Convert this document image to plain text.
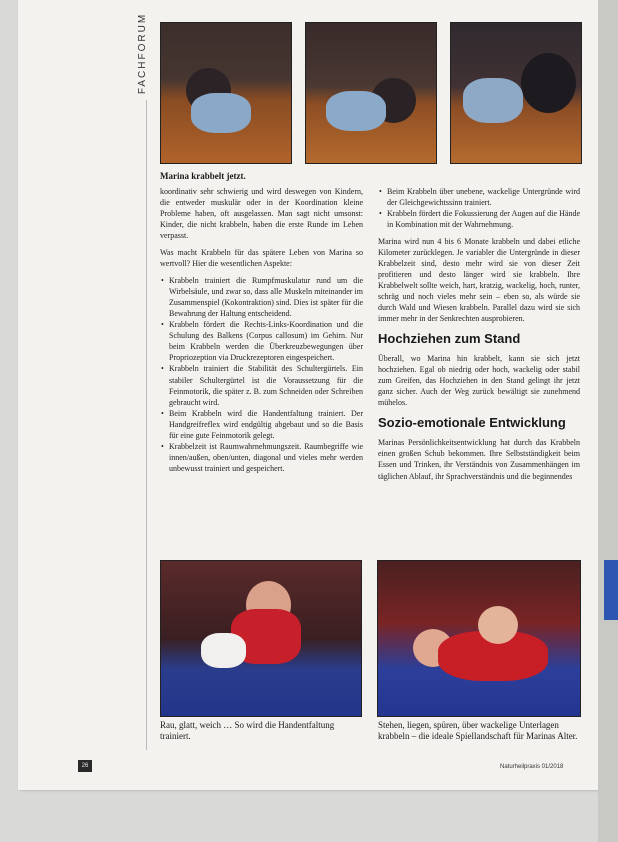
FACHFORUM
Marina krabbelt jetzt.

koordinativ sehr schwierig und wird deswegen von Kindern, die entweder muskulär oder in der Koordination kleine Probleme haben, oft ausgelassen. Man sagt nicht umsonst: Kinder, die nicht krabbeln, haben die erste Runde im Leben verpasst.

Was macht Krabbeln für das spätere Leben von Marina so wertvoll? Hier die wesentlichen Aspekte:

• Krabbeln trainiert die Rumpfmuskulatur rund um die Wirbelsäule, und zwar so, dass alle Muskeln miteinander im Zusammenspiel (Kokontraktion) sind. Dies ist später für die Bewahrung der Haltung entscheidend.
• Krabbeln fördert die Rechts-Links-Koordination und die Schulung des Balkens (Corpus callosum) im Gehirn. Nur beim Krabbeln werden die Überkreuzbewegungen über Propriozeption via Druckrezeptoren eingespeichert.
• Krabbeln trainiert die Stabilität des Schultergürtels. Ein stabiler Schultergürtel ist die Voraussetzung für die Feinmotorik, die später z. B. zum Schneiden oder Schreiben gebraucht wird.
• Beim Krabbeln wird die Handentfaltung trainiert. Der Handgreifreflex wird endgültig abgebaut und so die Basis für eine gute Feinmotorik gelegt.
• Krabbelzeit ist Raumwahrnehmungszeit. Raumbegriffe wie innen/außen, oben/unten, diagonal und vieles mehr werden unbewusst trainiert und gespeichert.
• Beim Krabbeln über unebene, wackelige Untergründe wird der Gleichgewichtssinn trainiert.
• Krabbeln fördert die Fokussierung der Augen auf die Hände in Kombination mit der Wahrnehmung.

Marina wird nun 4 bis 6 Monate krabbeln und dabei etliche Kilometer zurücklegen. Je variabler die Untergründe in dieser Krabbelzeit sind, desto mehr wird sie von dieser Zeit profitieren und desto länger wird sie krabbeln. Ihre Krabbelwelt sollte weich, hart, kratzig, wackelig, hoch, runter, schräg und noch vieles mehr sein – eben so, als würde sie durch Wald und Wiesen krabbeln. Parallel dazu wird sie sich immer mehr in der Senkrechten ausprobieren.

Hochziehen zum Stand

Überall, wo Marina hin krabbelt, kann sie sich jetzt hochziehen. Egal ob niedrig oder hoch, wackelig oder stabil zum Greifen, das Hochziehen in den Stand gelingt ihr jetzt ganz sicher. Auch der Weg zurück bewältigt sie zunehmend mühelos.

Sozio-emotionale Entwicklung

Marinas Persönlichkeitsentwicklung hat durch das Krabbeln einen großen Schub bekommen. Ihre Selbstständigkeit beim Essen und Trinken, ihr Verständnis von Zusammenhängen im täglichen Ablauf, ihr Sprachverständnis und die beginnendes

Rau, glatt, weich … So wird die Handentfaltung trainiert.
Stehen, liegen, spüren, über wackelige Unterlagen krabbeln – die ideale Spiellandschaft für Marinas Alter.
26	Naturheilpraxis 01/2018
